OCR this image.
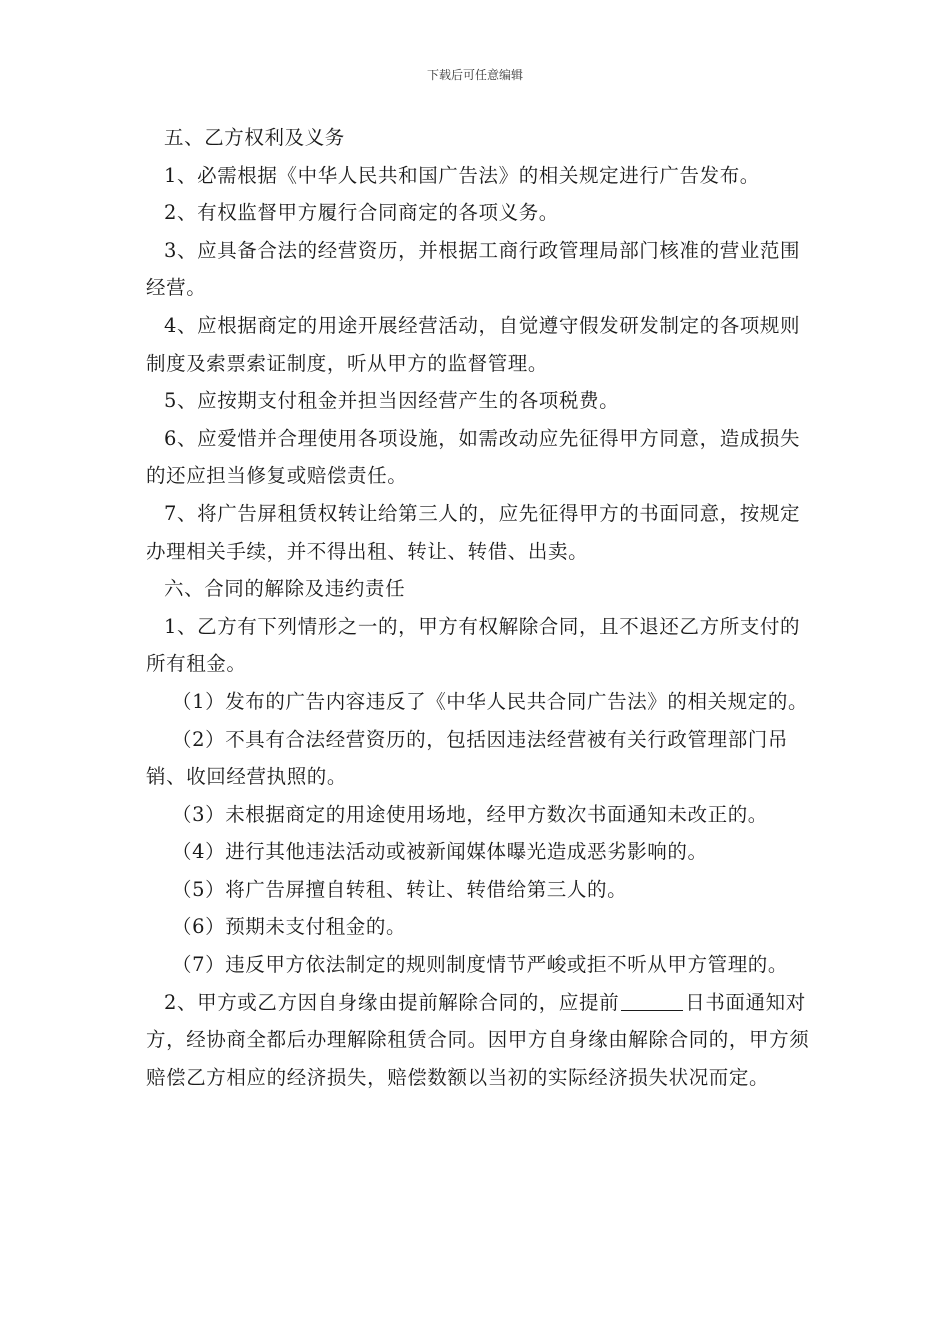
下载后可任意编辑

五、乙方权利及义务

1、必需根据《中华人民共和国广告法》的相关规定进行广告发布。

2、有权监督甲方履行合同商定的各项义务。

3、应具备合法的经营资历，并根据工商行政管理局部门核准的营业范围经营。

4、应根据商定的用途开展经营活动，自觉遵守假发研发制定的各项规则制度及索票索证制度，听从甲方的监督管理。

5、应按期支付租金并担当因经营产生的各项税费。

6、应爱惜并合理使用各项设施，如需改动应先征得甲方同意，造成损失的还应担当修复或赔偿责任。

7、将广告屏租赁权转让给第三人的，应先征得甲方的书面同意，按规定办理相关手续，并不得出租、转让、转借、出卖。

六、合同的解除及违约责任

1、乙方有下列情形之一的，甲方有权解除合同，且不退还乙方所支付的所有租金。

（1）发布的广告内容违反了《中华人民共合同广告法》的相关规定的。

（2）不具有合法经营资历的，包括因违法经营被有关行政管理部门吊销、收回经营执照的。

（3）未根据商定的用途使用场地，经甲方数次书面通知未改正的。

（4）进行其他违法活动或被新闻媒体曝光造成恶劣影响的。

（5）将广告屏擅自转租、转让、转借给第三人的。

（6）预期未支付租金的。

（7）违反甲方依法制定的规则制度情节严峻或拒不听从甲方管理的。

2、甲方或乙方因自身缘由提前解除合同的，应提前	日书面通知对方，经协商全都后办理解除租赁合同。因甲方自身缘由解除合同的，甲方须赔偿乙方相应的经济损失，赔偿数额以当初的实际经济损失状况而定。
